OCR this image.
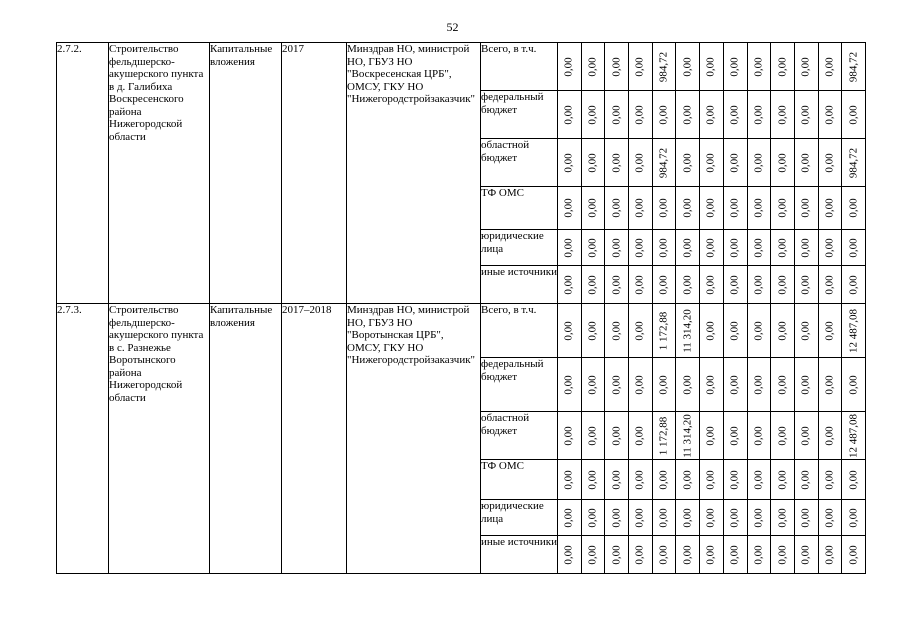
52
2.7.2.	Строительство фельдшерско-акушерского пункта в д. Галибиха Воскресенского района Нижегородской области	Капитальные вложения	2017	Минздрав НО, министрой НО, ГБУЗ НО "Воскресенская ЦРБ", ОМСУ, ГКУ НО "Нижегородстройзаказчик"	Всего, в т.ч.	0,00	0,00	0,00	0,00	984,72	0,00	0,00	0,00	0,00	0,00	0,00	0,00	984,72

					федеральный бюджет	0,00	0,00	0,00	0,00	0,00	0,00	0,00	0,00	0,00	0,00	0,00	0,00	0,00

					областной бюджет	0,00	0,00	0,00	0,00	984,72	0,00	0,00	0,00	0,00	0,00	0,00	0,00	984,72

					ТФ ОМС	0,00	0,00	0,00	0,00	0,00	0,00	0,00	0,00	0,00	0,00	0,00	0,00	0,00

					юридические лица	0,00	0,00	0,00	0,00	0,00	0,00	0,00	0,00	0,00	0,00	0,00	0,00	0,00

					иные источники	0,00	0,00	0,00	0,00	0,00	0,00	0,00	0,00	0,00	0,00	0,00	0,00	0,00

2.7.3.	Строительство фельдшерско-акушерского пункта в с. Разнежье Воротынского района Нижегородской области	Капитальные вложения	2017–2018	Минздрав НО, министрой НО, ГБУЗ НО "Воротынская ЦРБ", ОМСУ, ГКУ НО "Нижегородстройзаказчик"	Всего, в т.ч.	0,00	0,00	0,00	0,00	1 172,88	11 314,20	0,00	0,00	0,00	0,00	0,00	0,00	12 487,08

					федеральный бюджет	0,00	0,00	0,00	0,00	0,00	0,00	0,00	0,00	0,00	0,00	0,00	0,00	0,00

					областной бюджет	0,00	0,00	0,00	0,00	1 172,88	11 314,20	0,00	0,00	0,00	0,00	0,00	0,00	12 487,08

					ТФ ОМС	0,00	0,00	0,00	0,00	0,00	0,00	0,00	0,00	0,00	0,00	0,00	0,00	0,00

					юридические лица	0,00	0,00	0,00	0,00	0,00	0,00	0,00	0,00	0,00	0,00	0,00	0,00	0,00

					иные источники	0,00	0,00	0,00	0,00	0,00	0,00	0,00	0,00	0,00	0,00	0,00	0,00	0,00
